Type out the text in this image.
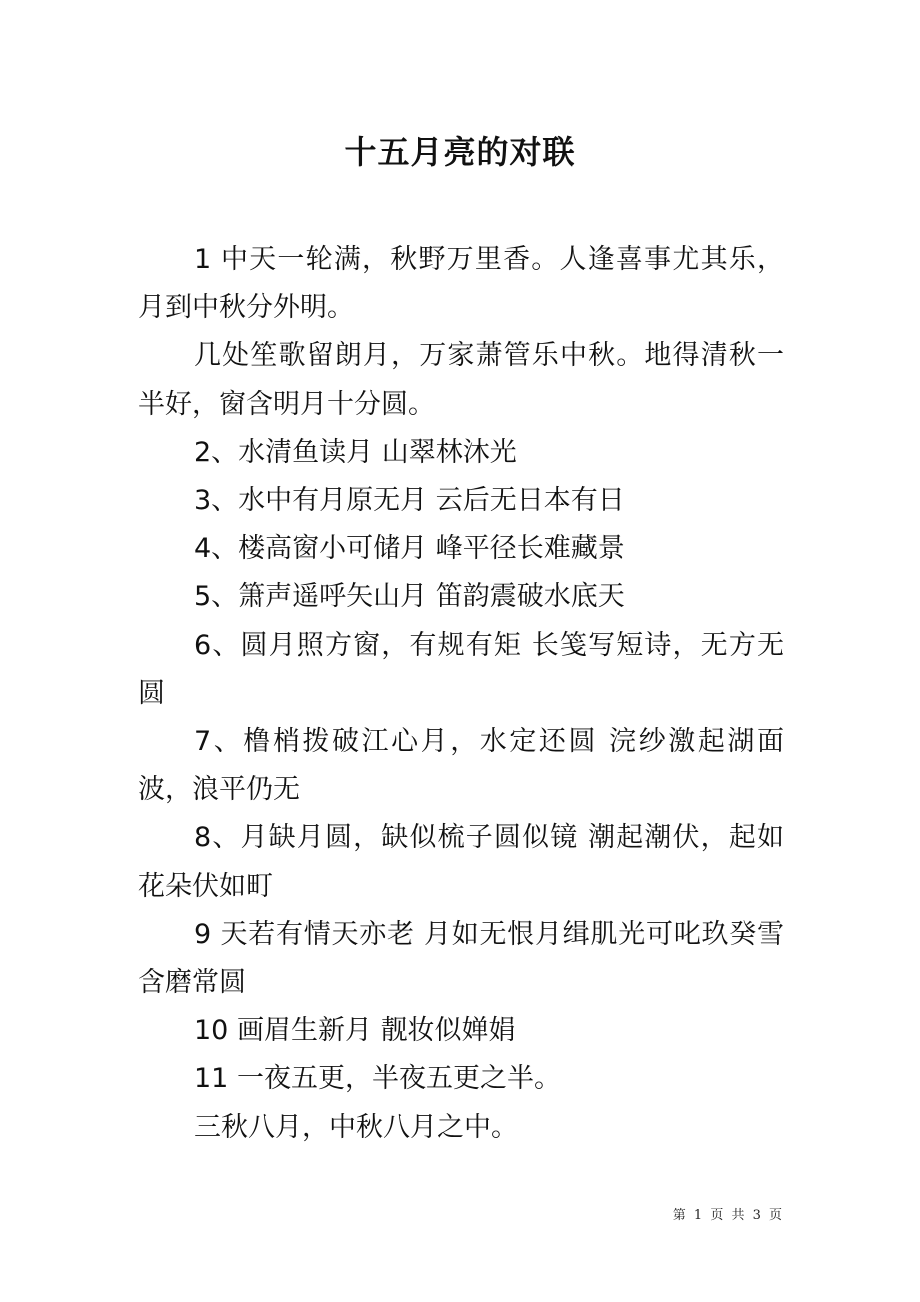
十五月亮的对联

1 中天一轮满，秋野万里香。人逢喜事尤其乐，月到中秋分外明。

几处笙歌留朗月，万家萧管乐中秋。地得清秋一半好，窗含明月十分圆。

2、水清鱼读月 山翠林沐光

3、水中有月原无月 云后无日本有日

4、楼高窗小可储月 峰平径长难藏景

5、箫声遥呼矢山月 笛韵震破水底天

6、圆月照方窗，有规有矩 长笺写短诗，无方无圆

7、橹梢拨破江心月，水定还圆 浣纱激起湖面波，浪平仍无

8、月缺月圆，缺似梳子圆似镜 潮起潮伏，起如花朵伏如町

9 天若有情天亦老 月如无恨月缉肌光可叱玖癸雪含磨常圆

10 画眉生新月 靓妆似婵娟

11 一夜五更，半夜五更之半。

三秋八月，中秋八月之中。

第 1 页 共 3 页
